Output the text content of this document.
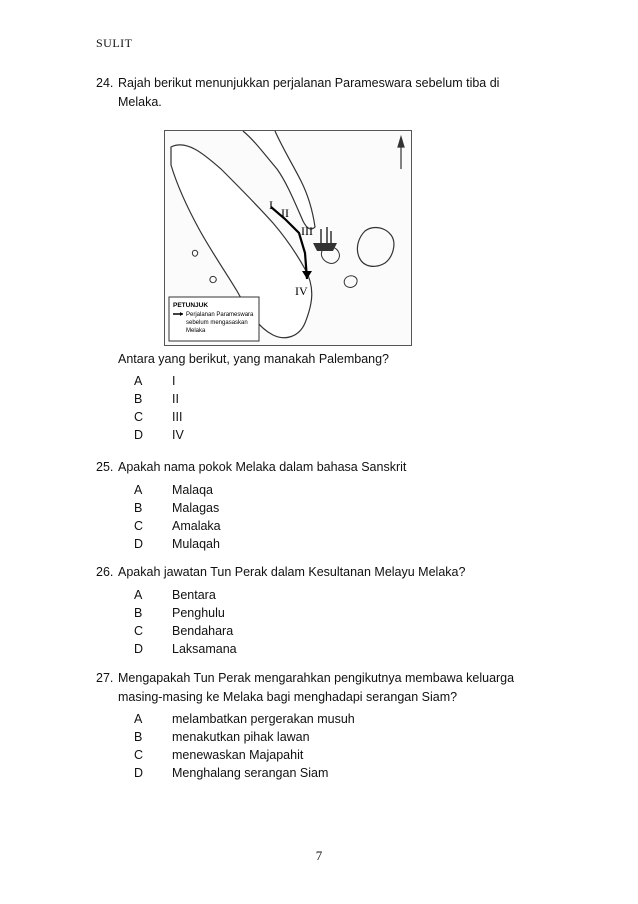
SULIT
24. Rajah berikut menunjukkan perjalanan Parameswara sebelum tiba di
Melaka.
I
II
III
IV
PETUNJUK
Perjalanan Parameswara
sebelum mengasaskan
Melaka
Antara yang berikut, yang manakah Palembang?
A I
B II
C III
D IV
25. Apakah nama pokok Melaka dalam bahasa Sanskrit
A Malaqa
B Malagas
C Amalaka
D Mulaqah
26. Apakah jawatan Tun Perak dalam Kesultanan Melayu Melaka?
A Bentara
B Penghulu
C Bendahara
D Laksamana
27. Mengapakah Tun Perak mengarahkan pengikutnya membawa keluarga
masing-masing ke Melaka bagi menghadapi serangan Siam?
A melambatkan pergerakan musuh
B menakutkan pihak lawan
C menewaskan Majapahit
D Menghalang serangan Siam
7
